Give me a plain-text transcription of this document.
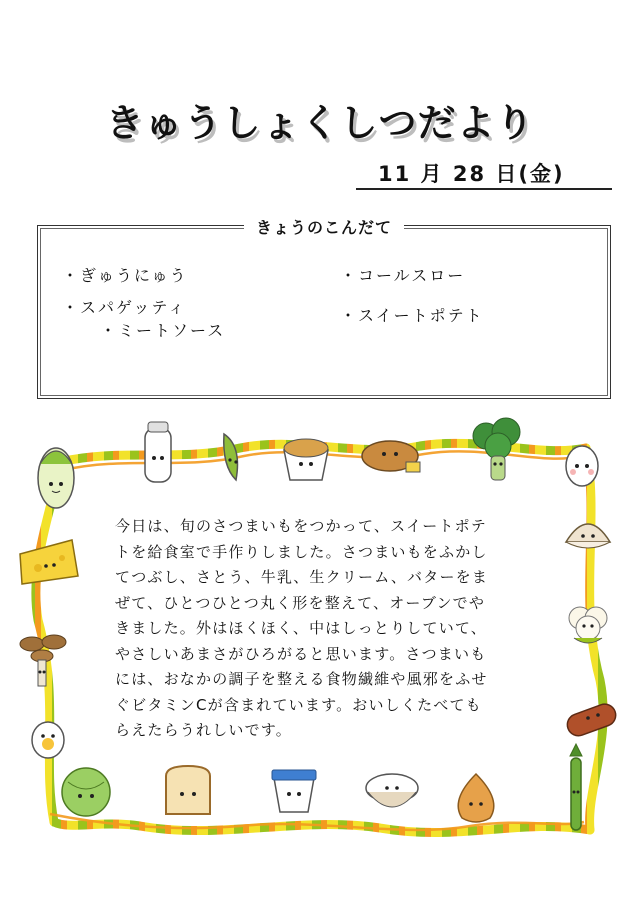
きゅうしょくしつだより
11 月 28 日(金)
きょうのこんだて
・ぎゅうにゅう
・スパゲッティ
・ミートソース
・コールスロー
・スイートポテト

今日は、旬のさつまいもをつかって、スイートポテ

トを給食室で手作りしました。さつまいもをふかし

てつぶし、さとう、牛乳、生クリーム、バターをま

ぜて、ひとつひとつ丸く形を整えて、オーブンでや

きました。外はほくほく、中はしっとりしていて、

やさしいあまさがひろがると思います。さつまいも

には、おなかの調子を整える食物繊維や風邪をふせ

ぐビタミンCが含まれています。おいしくたべても

らえたらうれしいです。
